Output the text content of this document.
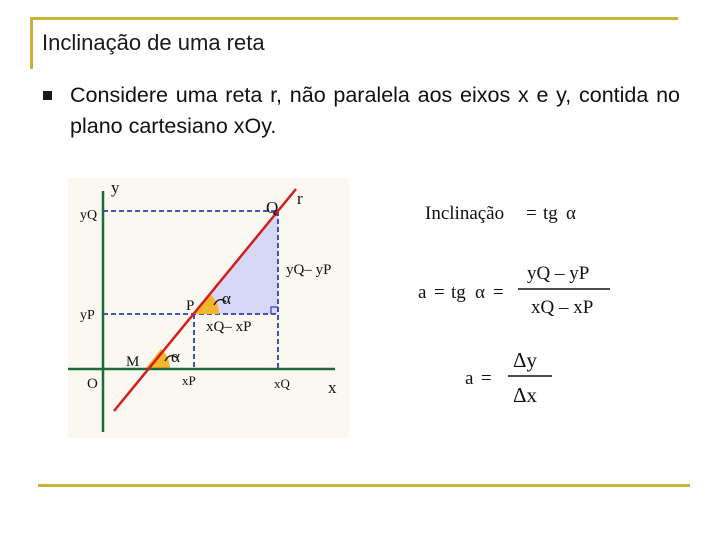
Inclinação de uma reta
Considere uma reta r, não paralela aos eixos x e y, contida no plano cartesiano xOy.
y
x
O
r
Q
P
M
yQ
yP
xP	xQ
α
α
yQ– yP
xQ– xP
Inclinação = tg α
a = tg α =
yQ – yP
xQ – xP
a =
Δy
Δx
